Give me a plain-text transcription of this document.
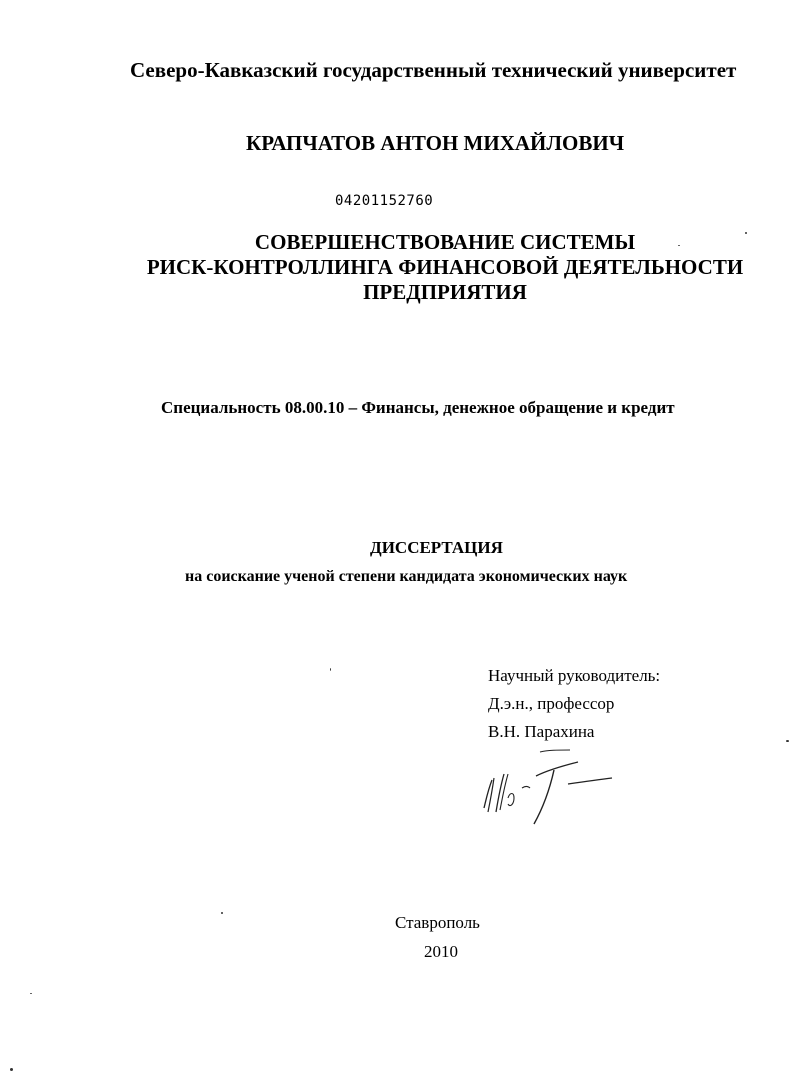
Северо-Кавказский государственный технический университет
КРАПЧАТОВ АНТОН МИХАЙЛОВИЧ
04201152760
СОВЕРШЕНСТВОВАНИЕ СИСТЕМЫ
РИСК-КОНТРОЛЛИНГА ФИНАНСОВОЙ ДЕЯТЕЛЬНОСТИ
ПРЕДПРИЯТИЯ
Специальность 08.00.10 – Финансы, денежное обращение и кредит
ДИССЕРТАЦИЯ
на соискание ученой степени кандидата экономических наук
Научный руководитель:
Д.э.н., профессор
В.Н. Парахина
Ставрополь
2010
